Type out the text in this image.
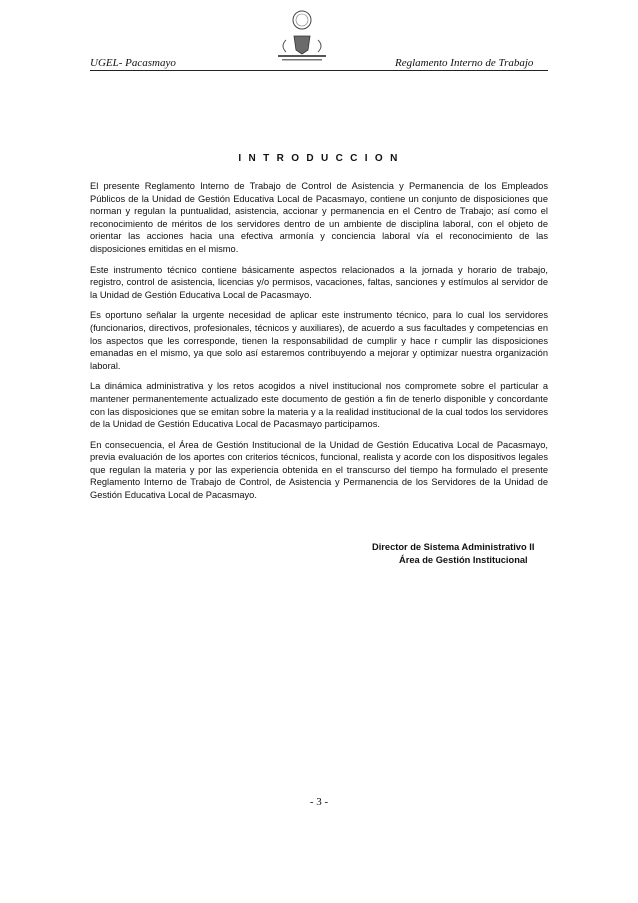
UGEL- Pacasmayo	Reglamento Interno de Trabajo
I N T R O D U C C I O N

El presente Reglamento Interno de Trabajo de Control de Asistencia y Permanencia de los Empleados Públicos de la Unidad de Gestión Educativa Local de Pacasmayo, contiene un conjunto de disposiciones que norman y regulan la puntualidad, asistencia, accionar y permanencia en el Centro de Trabajo; así como el reconocimiento de méritos de los servidores dentro de un ambiente de disciplina laboral, con el objeto de orientar las acciones hacia una efectiva armonía y conciencia laboral vía el reconocimiento de las disposiciones emitidas en el mismo.

Este instrumento técnico contiene básicamente aspectos relacionados a la jornada y horario de trabajo, registro, control de asistencia, licencias y/o permisos, vacaciones, faltas, sanciones y estímulos al servidor de la Unidad de Gestión Educativa Local de Pacasmayo.

Es oportuno señalar la urgente necesidad de aplicar este instrumento técnico, para lo cual los servidores (funcionarios, directivos, profesionales, técnicos y auxiliares), de acuerdo a sus facultades y competencias en los aspectos que les corresponde, tienen la responsabilidad de cumplir y hace r cumplir las disposiciones emanadas en el mismo, ya que solo así estaremos contribuyendo a mejorar y optimizar nuestra organización laboral.

La dinámica administrativa y los retos acogidos a nivel institucional nos compromete sobre el particular a mantener permanentemente actualizado este documento de gestión a fin de tenerlo disponible y concordante con las disposiciones que se emitan sobre la materia y a la realidad institucional de la cual todos los servidores de la Unidad de Gestión Educativa Local de Pacasmayo participamos.

En consecuencia, el Área de Gestión Institucional de la Unidad de Gestión Educativa Local de Pacasmayo, previa evaluación de los aportes con criterios técnicos, funcional, realista y acorde con los dispositivos legales que regulan la materia y por las experiencia obtenida en el transcurso del tiempo ha formulado el presente Reglamento Interno de Trabajo de Control, de Asistencia y Permanencia de los Servidores de la Unidad de Gestión Educativa Local de Pacasmayo.

Director de Sistema Administrativo II
Área de Gestión Institucional
- 3 -
